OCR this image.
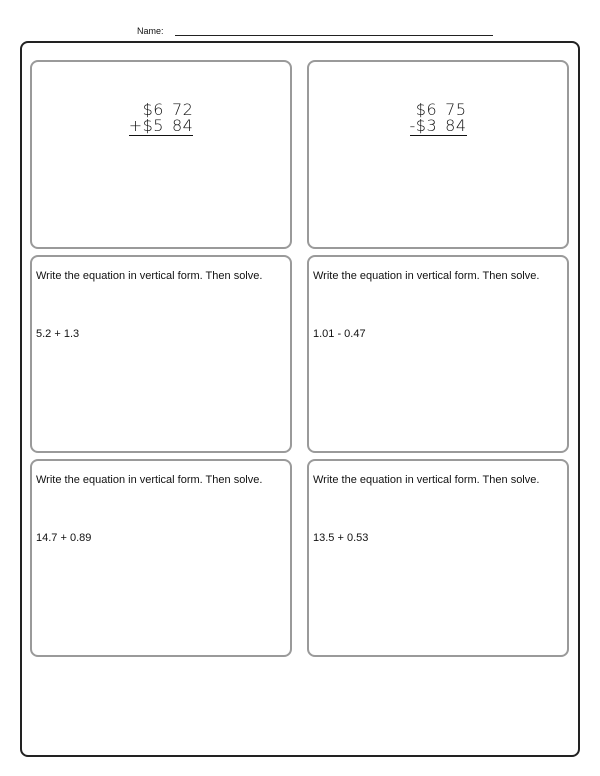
Name:
$6 72
+$5 84
$6 75
-$3 84
Write the equation in vertical form. Then solve.
5.2 + 1.3
Write the equation in vertical form. Then solve.
1.01 - 0.47
Write the equation in vertical form. Then solve.
14.7 + 0.89
Write the equation in vertical form. Then solve.
13.5 + 0.53
